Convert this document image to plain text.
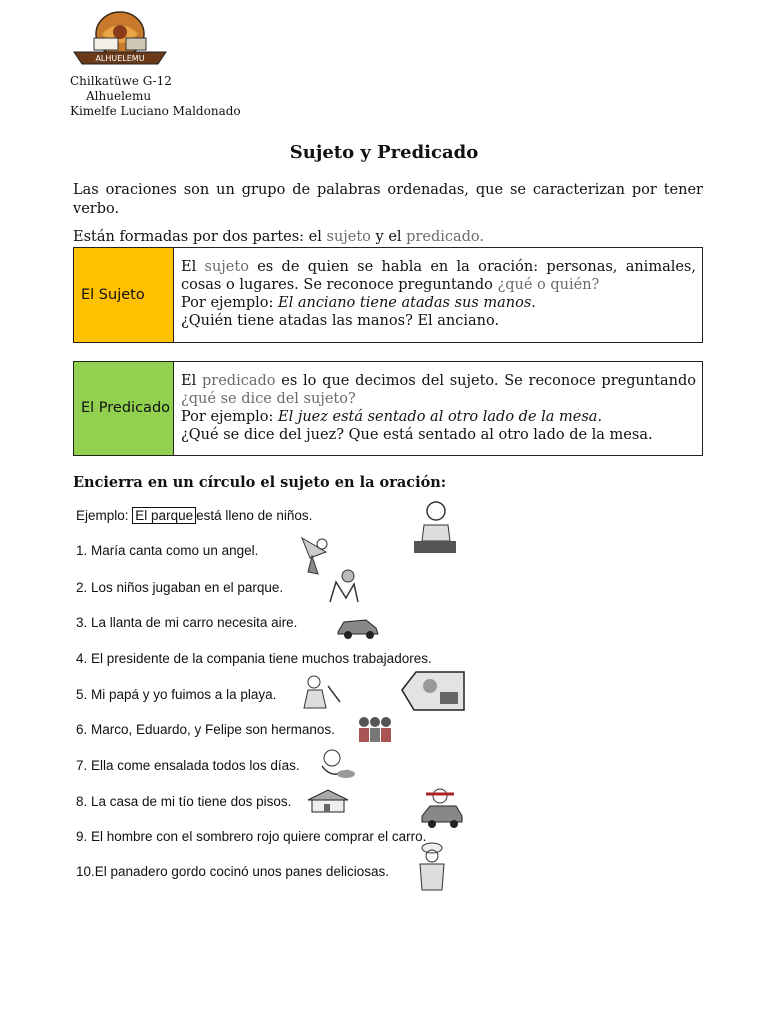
ALHUELEMU
Chilkatüwe G-12
Alhuelemu
Kimelfe Luciano Maldonado
Sujeto y Predicado
Las oraciones son un grupo de palabras ordenadas, que se caracterizan por tener verbo.
Están formadas por dos partes: el sujeto y el predicado.
El Sujeto
El sujeto es de quien se habla en la oración: personas, animales, cosas o lugares. Se reconoce preguntando ¿qué o quién?
Por ejemplo: El anciano tiene atadas sus manos.
¿Quién tiene atadas las manos? El anciano.
El Predicado
El predicado es lo que decimos del sujeto. Se reconoce preguntando ¿qué se dice del sujeto?
Por ejemplo: El juez está sentado al otro lado de la mesa.
¿Qué se dice del juez? Que está sentado al otro lado de la mesa.
Encierra en un círculo el sujeto en la oración:
Ejemplo: El parque está lleno de niños.
1. María canta como un angel.
2. Los niños jugaban en el parque.
3. La llanta de mi carro necesita aire.
4. El presidente de la compania tiene muchos trabajadores.
5. Mi papá y yo fuimos a la playa.
6. Marco, Eduardo, y Felipe son hermanos.
7. Ella come ensalada todos los días.
8. La casa de mi tío tiene dos pisos.
9. El hombre con el sombrero rojo quiere comprar el carro.
10.El panadero gordo cocinó unos panes deliciosas.
